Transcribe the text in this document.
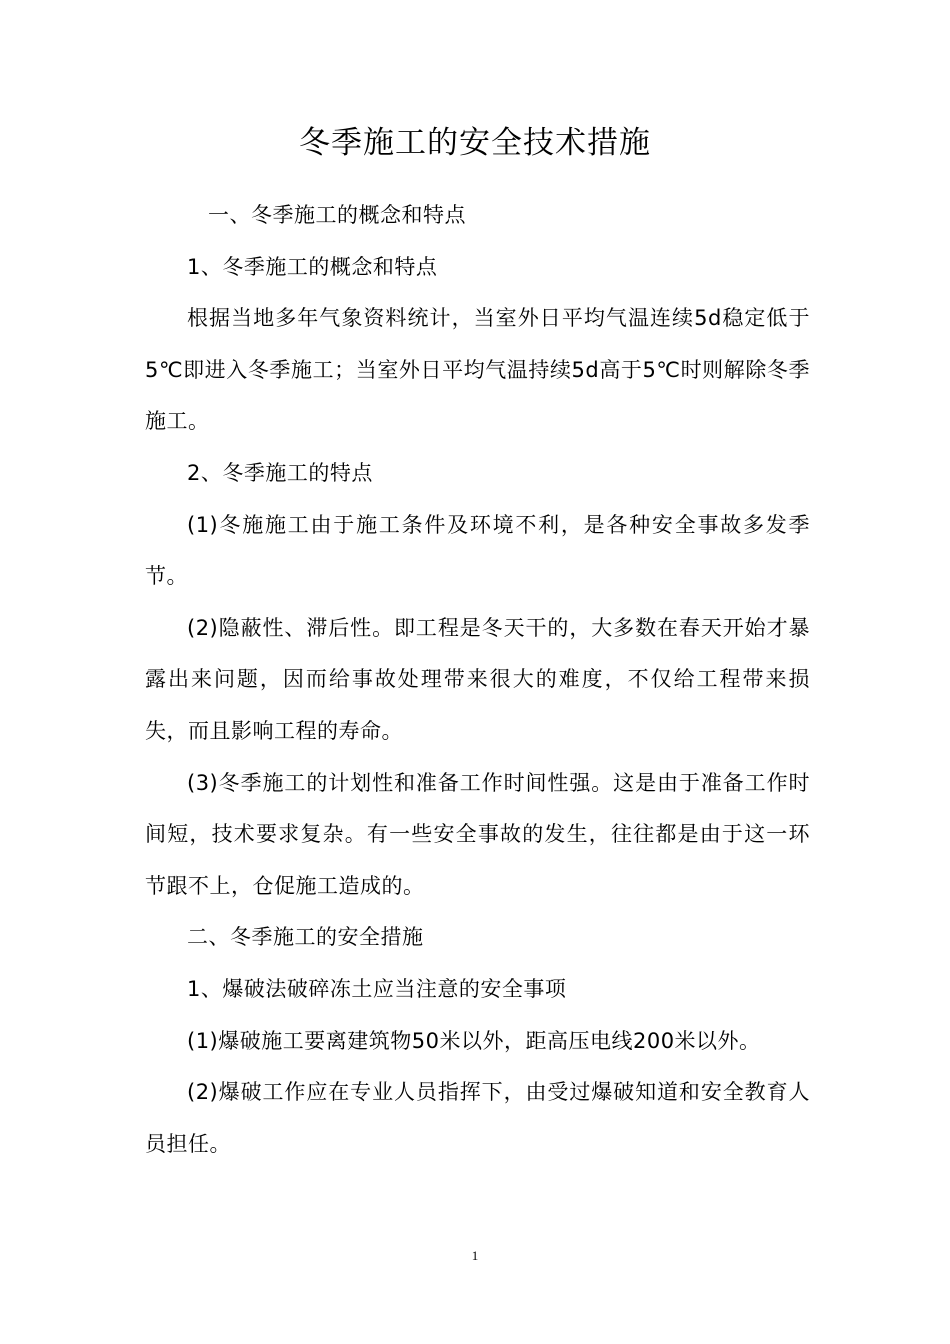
冬季施工的安全技术措施

一、冬季施工的概念和特点

1、冬季施工的概念和特点

根据当地多年气象资料统计，当室外日平均气温连续5d稳定低于5℃即进入冬季施工；当室外日平均气温持续5d高于5℃时则解除冬季施工。

2、冬季施工的特点

(1)冬施施工由于施工条件及环境不利，是各种安全事故多发季节。

(2)隐蔽性、滞后性。即工程是冬天干的，大多数在春天开始才暴露出来问题，因而给事故处理带来很大的难度，不仅给工程带来损失，而且影响工程的寿命。

(3)冬季施工的计划性和准备工作时间性强。这是由于准备工作时间短，技术要求复杂。有一些安全事故的发生，往往都是由于这一环节跟不上，仓促施工造成的。

二、冬季施工的安全措施

1、爆破法破碎冻土应当注意的安全事项

(1)爆破施工要离建筑物50米以外，距高压电线200米以外。

(2)爆破工作应在专业人员指挥下，由受过爆破知道和安全教育人员担任。

1
